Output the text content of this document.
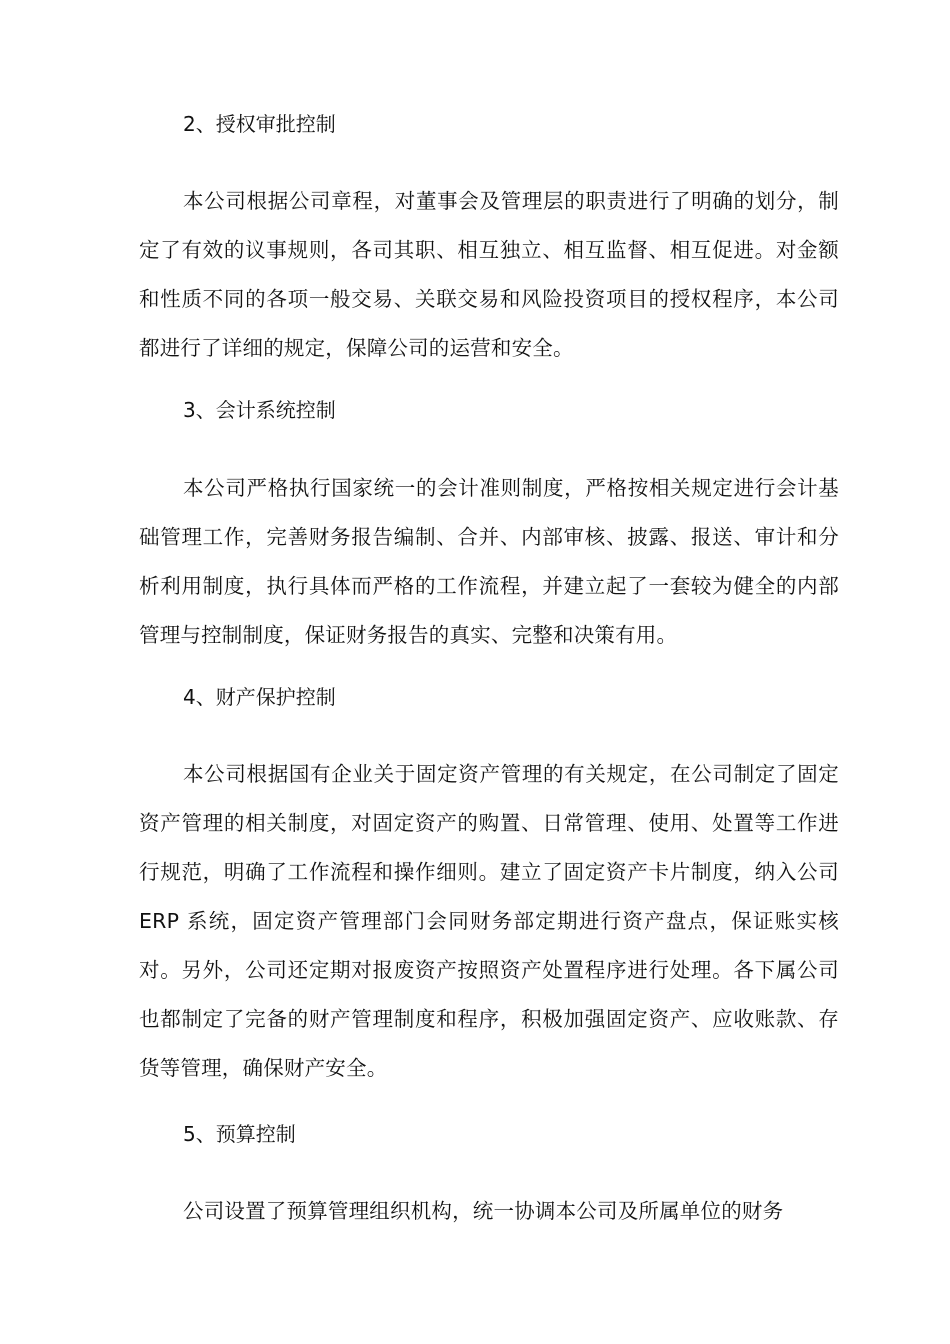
2、授权审批控制
本公司根据公司章程，对董事会及管理层的职责进行了明确的划分，制定了有效的议事规则，各司其职、相互独立、相互监督、相互促进。对金额和性质不同的各项一般交易、关联交易和风险投资项目的授权程序，本公司都进行了详细的规定，保障公司的运营和安全。
3、会计系统控制
本公司严格执行国家统一的会计准则制度，严格按相关规定进行会计基础管理工作，完善财务报告编制、合并、内部审核、披露、报送、审计和分析利用制度，执行具体而严格的工作流程，并建立起了一套较为健全的内部管理与控制制度，保证财务报告的真实、完整和决策有用。
4、财产保护控制
本公司根据国有企业关于固定资产管理的有关规定，在公司制定了固定资产管理的相关制度，对固定资产的购置、日常管理、使用、处置等工作进行规范，明确了工作流程和操作细则。建立了固定资产卡片制度，纳入公司 ERP 系统，固定资产管理部门会同财务部定期进行资产盘点，保证账实核对。另外，公司还定期对报废资产按照资产处置程序进行处理。各下属公司也都制定了完备的财产管理制度和程序，积极加强固定资产、应收账款、存货等管理，确保财产安全。
5、预算控制
公司设置了预算管理组织机构，统一协调本公司及所属单位的财务
